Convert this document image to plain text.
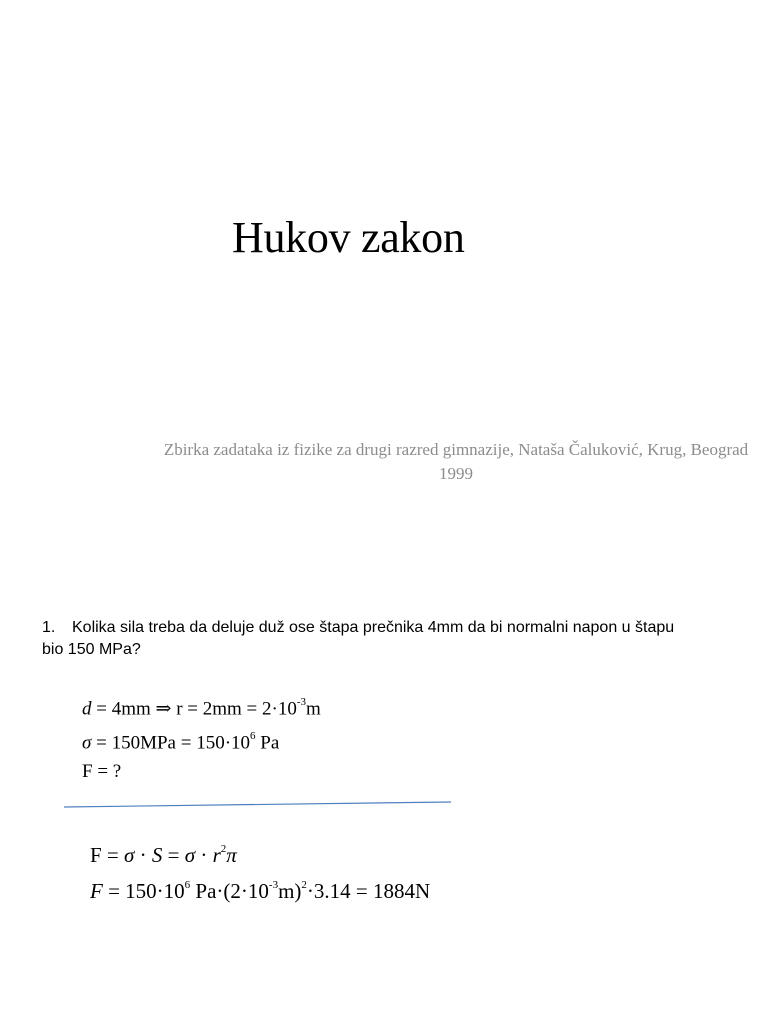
Hukov zakon
Zbirka zadataka iz fizike za drugi razred gimnazije, Nataša Čaluković, Krug, Beograd 1999
1. Kolika sila treba da deluje duž ose štapa prečnika 4mm da bi normalni napon u štapu bio 150 MPa?
d = 4mm ⇒ $r = 2mm = 2\cdot 10^{-3}m$
$\sigma = 150MPa = 150\cdot 10^6$ Pa
F = ?
$F = \sigma \cdot S = \sigma \cdot r^2\pi$
$F = 150\cdot 10^6$ $Pa\cdot(2\cdot 10^{-3}m)^2\cdot 3.14 = 1884N$
